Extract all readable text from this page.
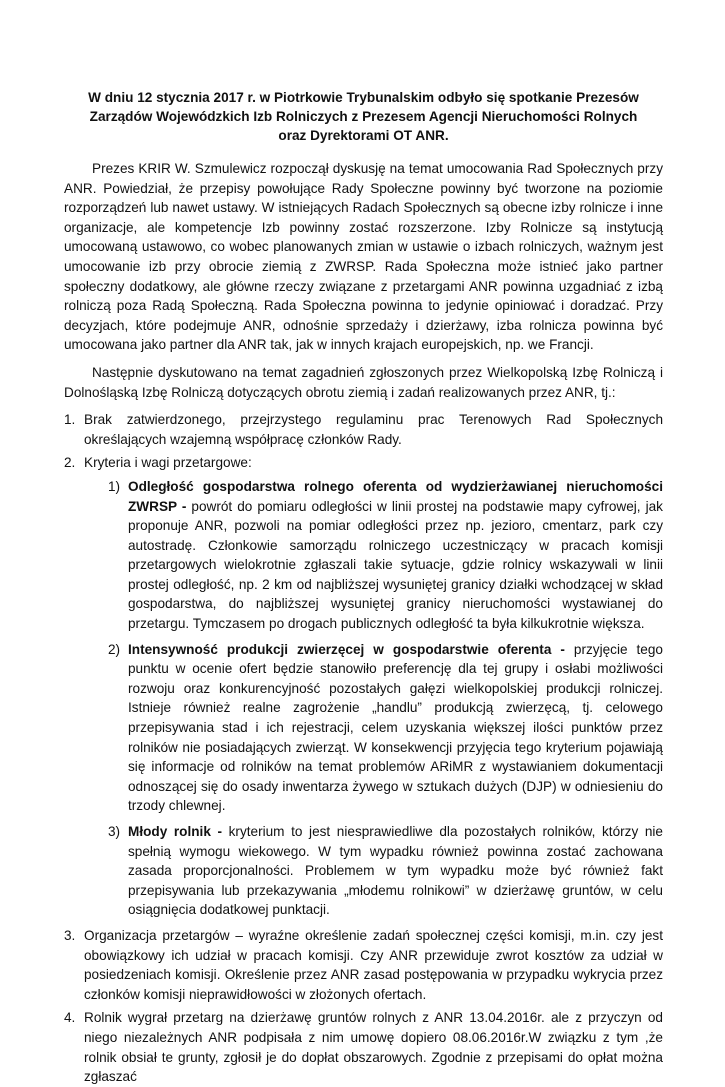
W dniu 12 stycznia 2017 r. w Piotrkowie Trybunalskim odbyło się spotkanie Prezesów
Zarządów Wojewódzkich Izb Rolniczych z Prezesem Agencji Nieruchomości Rolnych
oraz Dyrektorami OT ANR.

Prezes KRIR W. Szmulewicz rozpoczął dyskusję na temat umocowania Rad Społecznych przy ANR. Powiedział, że przepisy powołujące Rady Społeczne powinny być tworzone na poziomie rozporządzeń lub nawet ustawy. W istniejących Radach Społecznych są obecne izby rolnicze i inne organizacje, ale kompetencje Izb powinny zostać rozszerzone. Izby Rolnicze są instytucją umocowaną ustawowo, co wobec planowanych zmian w ustawie o izbach rolniczych, ważnym jest umocowanie izb przy obrocie ziemią z ZWRSP. Rada Społeczna może istnieć jako partner społeczny dodatkowy, ale główne rzeczy związane z przetargami ANR powinna uzgadniać z izbą rolniczą poza Radą Społeczną. Rada Społeczna powinna to jedynie opiniować i doradzać. Przy decyzjach, które podejmuje ANR, odnośnie sprzedaży i dzierżawy, izba rolnicza powinna być umocowana jako partner dla ANR tak, jak w innych krajach europejskich, np. we Francji.

Następnie dyskutowano na temat zagadnień zgłoszonych przez Wielkopolską Izbę Rolniczą i Dolnośląską Izbę Rolniczą dotyczących obrotu ziemią i zadań realizowanych przez ANR, tj.:

1. Brak zatwierdzonego, przejrzystego regulaminu prac Terenowych Rad Społecznych określających wzajemną współpracę członków Rady.
2. Kryteria i wagi przetargowe:
1) Odległość gospodarstwa rolnego oferenta od wydzierżawianej nieruchomości ZWRSP - powrót do pomiaru odległości w linii prostej na podstawie mapy cyfrowej, jak proponuje ANR, pozwoli na pomiar odległości przez np. jezioro, cmentarz, park czy autostradę. Członkowie samorządu rolniczego uczestniczący w pracach komisji przetargowych wielokrotnie zgłaszali takie sytuacje, gdzie rolnicy wskazywali w linii prostej odległość, np. 2 km od najbliższej wysuniętej granicy działki wchodzącej w skład gospodarstwa, do najbliższej wysuniętej granicy nieruchomości wystawianej do przetargu. Tymczasem po drogach publicznych odległość ta była kilkukrotnie większa.
2) Intensywność produkcji zwierzęcej w gospodarstwie oferenta - przyjęcie tego punktu w ocenie ofert będzie stanowiło preferencję dla tej grupy i osłabi możliwości rozwoju oraz konkurencyjność pozostałych gałęzi wielkopolskiej produkcji rolniczej. Istnieje również realne zagrożenie „handlu” produkcją zwierzęcą, tj. celowego przepisywania stad i ich rejestracji, celem uzyskania większej ilości punktów przez rolników nie posiadających zwierząt. W konsekwencji przyjęcia tego kryterium pojawiają się informacje od rolników na temat problemów ARiMR z wystawianiem dokumentacji odnoszącej się do osady inwentarza żywego w sztukach dużych (DJP) w odniesieniu do trzody chlewnej.
3) Młody rolnik - kryterium to jest niesprawiedliwe dla pozostałych rolników, którzy nie spełnią wymogu wiekowego. W tym wypadku również powinna zostać zachowana zasada proporcjonalności. Problemem w tym wypadku może być również fakt przepisywania lub przekazywania „młodemu rolnikowi” w dzierżawę gruntów, w celu osiągnięcia dodatkowej punktacji.
3. Organizacja przetargów – wyraźne określenie zadań społecznej części komisji, m.in. czy jest obowiązkowy ich udział w pracach komisji. Czy ANR przewiduje zwrot kosztów za udział w posiedzeniach komisji. Określenie przez ANR zasad postępowania w przypadku wykrycia przez członków komisji nieprawidłowości w złożonych ofertach.
4. Rolnik wygrał przetarg na dzierżawę gruntów rolnych z ANR 13.04.2016r. ale z przyczyn od niego niezależnych ANR podpisała z nim umowę dopiero 08.06.2016r.W związku z tym ,że rolnik obsiał te grunty, zgłosił je do dopłat obszarowych. Zgodnie z przepisami do opłat można zgłaszać
